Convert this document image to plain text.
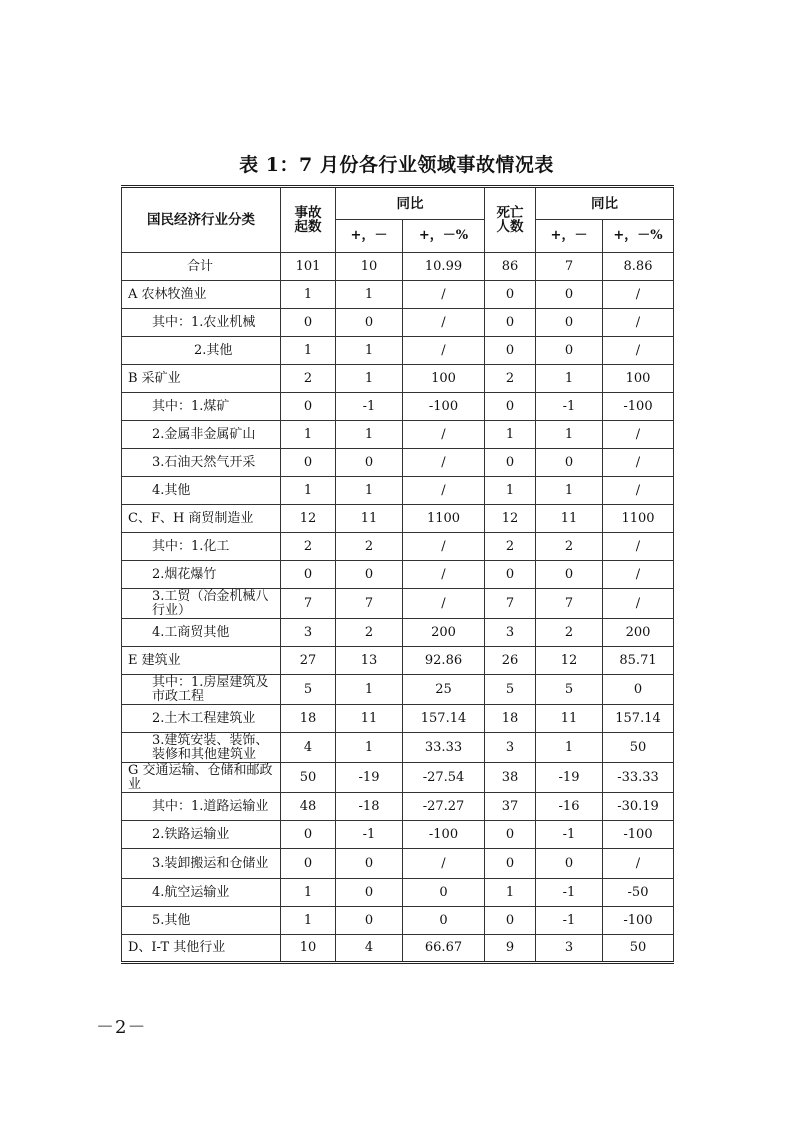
表 1：7 月份各行业领域事故情况表
国民经济行业分类	事故起数	同比		死亡人数	同比	
		+，－	+，－%		+，－	+，－%
合计	101	10	10.99	86	7	8.86
A 农林牧渔业	1	1	/	0	0	/
其中：1.农业机械	0	0	/	0	0	/
2.其他	1	1	/	0	0	/
B 采矿业	2	1	100	2	1	100
其中：1.煤矿	0	-1	-100	0	-1	-100
2.金属非金属矿山	1	1	/	1	1	/
3.石油天然气开采	0	0	/	0	0	/
4.其他	1	1	/	1	1	/
C、F、H 商贸制造业	12	11	1100	12	11	1100
其中：1.化工	2	2	/	2	2	/
2.烟花爆竹	0	0	/	0	0	/
3.工贸（冶金机械八行业）	7	7	/	7	7	/
4.工商贸其他	3	2	200	3	2	200
E 建筑业	27	13	92.86	26	12	85.71
其中：1.房屋建筑及市政工程	5	1	25	5	5	0
2.土木工程建筑业	18	11	157.14	18	11	157.14
3.建筑安装、装饰、装修和其他建筑业	4	1	33.33	3	1	50
G 交通运输、仓储和邮政业	50	-19	-27.54	38	-19	-33.33
其中：1.道路运输业	48	-18	-27.27	37	-16	-30.19
2.铁路运输业	0	-1	-100	0	-1	-100
3.装卸搬运和仓储业	0	0	/	0	0	/
4.航空运输业	1	0	0	1	-1	-50
5.其他	1	0	0	0	-1	-100
D、I-T 其他行业	10	4	66.67	9	3	50
－2－
